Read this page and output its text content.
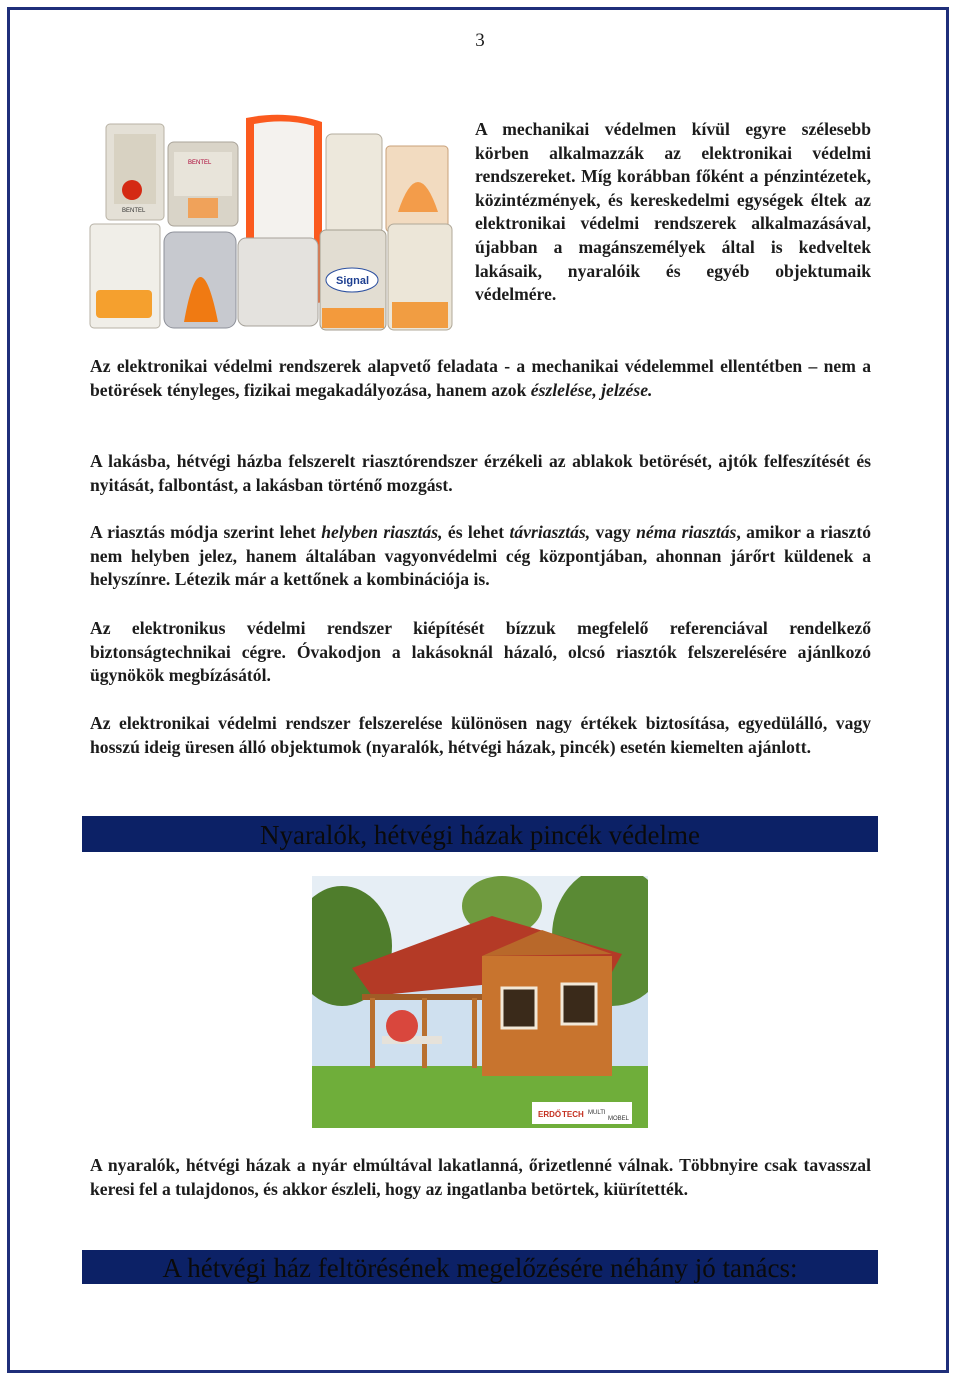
3
BENTEL
BENTEL
Signal

A mechanikai védelmen kívül egyre szélesebb körben alkalmazzák az elektronikai védelmi rendszereket. Míg korábban főként a pénzintézetek, közintézmények, és kereskedelmi egységek éltek az elektronikai védelmi rendszerek alkalmazásával, újabban a magánszemélyek által is kedveltek lakásaik, nyaralóik és egyéb objektumaik védelmére.

Az elektronikai védelmi rendszerek alapvető feladata - a mechanikai védelemmel ellentétben – nem a betörések tényleges, fizikai megakadályozása, hanem azok észlelése, jelzése.

A lakásba, hétvégi házba felszerelt riasztórendszer érzékeli az ablakok betörését, ajtók felfeszítését és nyitását, falbontást, a lakásban történő mozgást.

A riasztás módja szerint lehet helyben riasztás, és lehet távriasztás, vagy néma riasztás, amikor a riasztó nem helyben jelez, hanem általában vagyonvédelmi cég központjában, ahonnan járőrt küldenek a helyszínre. Létezik már a kettőnek a kombinációja is.

Az elektronikus védelmi rendszer kiépítését bízzuk megfelelő referenciával rendelkező biztonságtechnikai cégre. Óvakodjon a lakásoknál házaló, olcsó riasztók felszerelésére ajánlkozó ügynökök megbízásától.

Az elektronikai védelmi rendszer felszerelése különösen nagy értékek biztosítása, egyedülálló, vagy hosszú ideig üresen álló objektumok (nyaralók, hétvégi házak, pincék) esetén kiemelten ajánlott.

Nyaralók, hétvégi házak pincék védelme
ERDŐ TECH MULTI
MOBEL

A nyaralók, hétvégi házak a nyár elmúltával lakatlanná, őrizetlenné válnak. Többnyire csak tavasszal keresi fel a tulajdonos, és akkor észleli, hogy az ingatlanba betörtek, kiürítették.

A hétvégi ház feltörésének megelőzésére néhány jó tanács:
